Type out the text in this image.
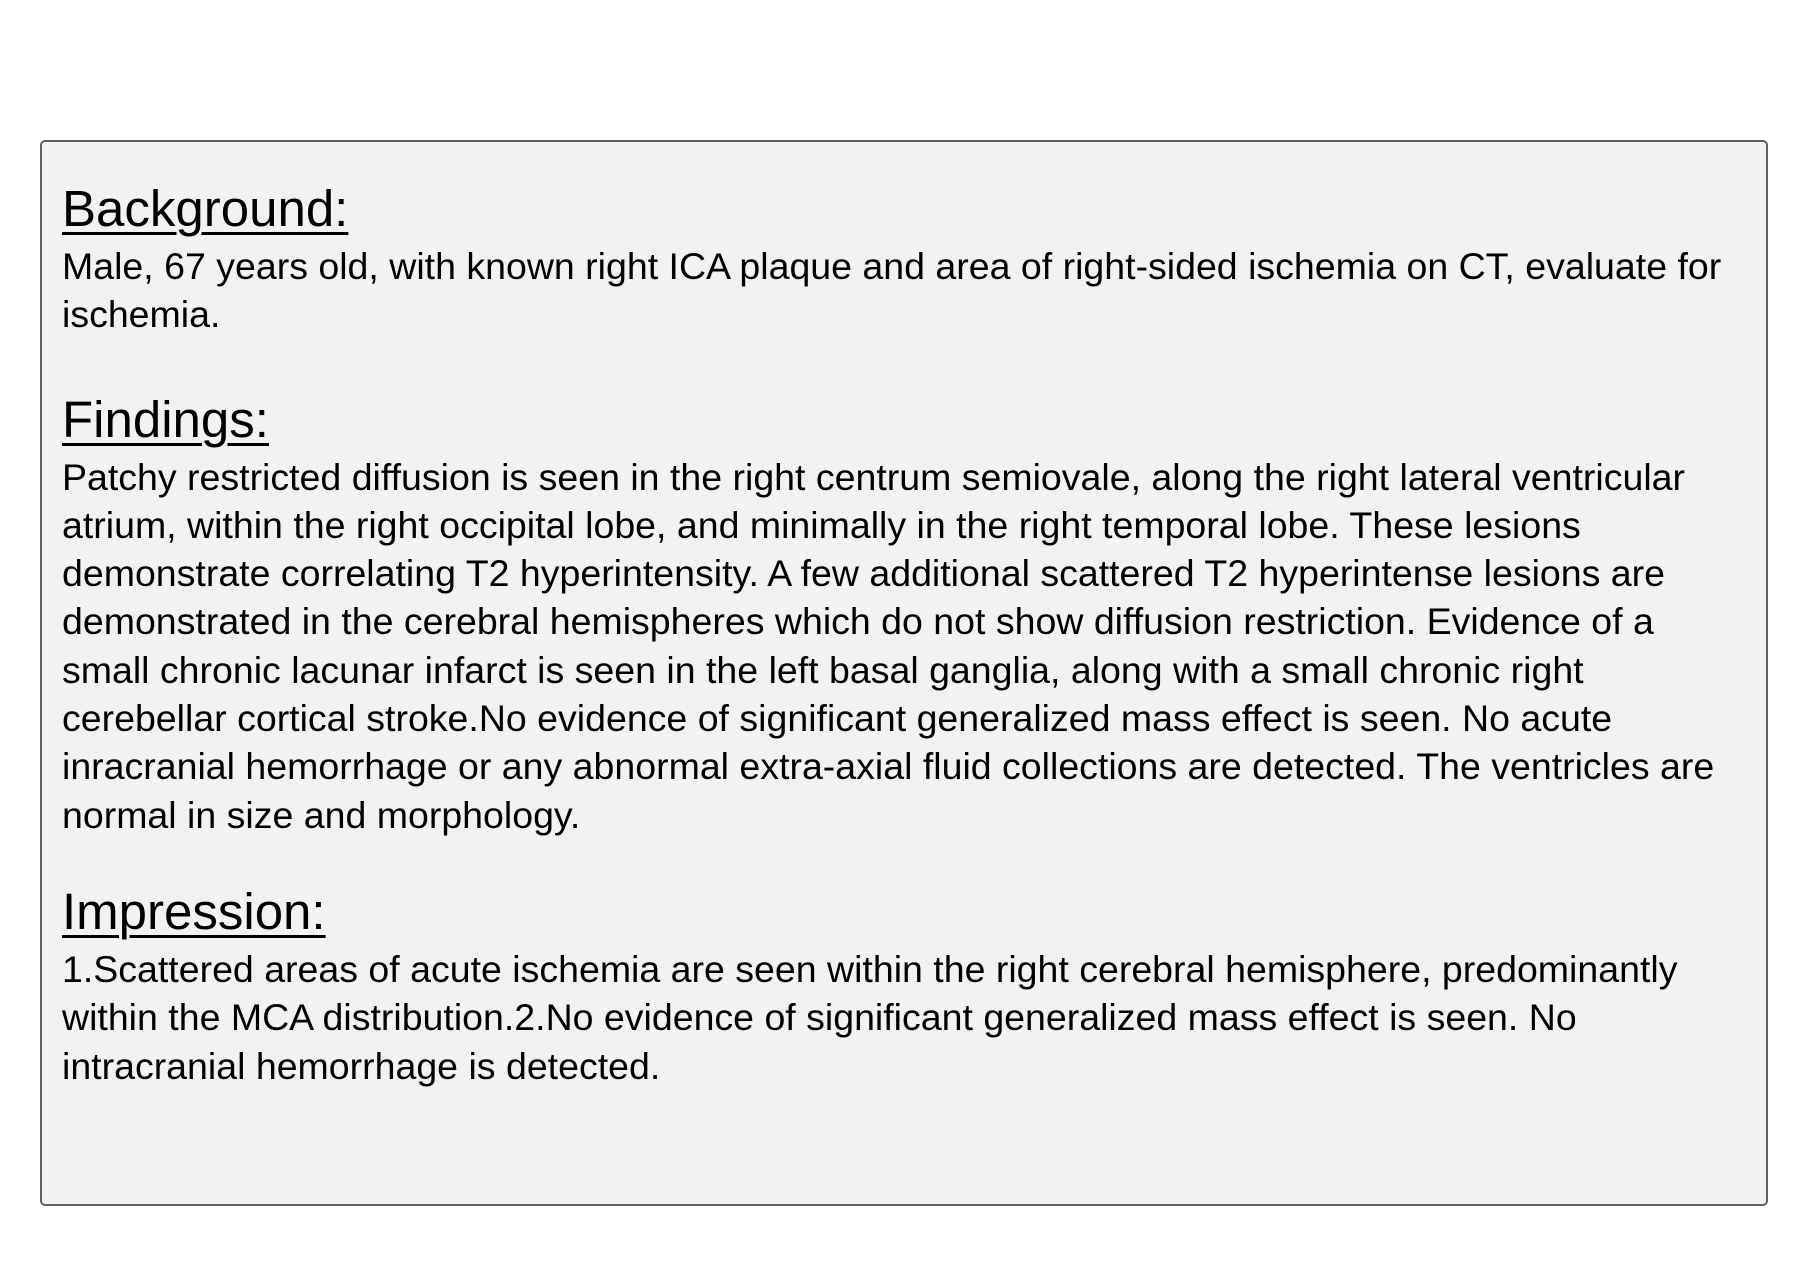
Background:

Male, 67 years old, with known right ICA plaque and area of right-sided ischemia on CT, evaluate for ischemia.

Findings:

Patchy restricted diffusion is seen in the right centrum semiovale, along the right lateral ventricular atrium, within the right occipital lobe, and minimally in the right temporal lobe. These lesions demonstrate correlating T2 hyperintensity. A few additional scattered T2 hyperintense lesions are demonstrated in the cerebral hemispheres which do not show diffusion restriction. Evidence of a small chronic lacunar infarct is seen in the left basal ganglia, along with a small chronic right cerebellar cortical stroke.No evidence of significant generalized mass effect is seen. No acute inracranial hemorrhage or any abnormal extra-axial fluid collections are detected. The ventricles are normal in size and morphology.

Impression:

1.Scattered areas of acute ischemia are seen within the right cerebral hemisphere, predominantly within the MCA distribution.2.No evidence of significant generalized mass effect is seen. No intracranial hemorrhage is detected.
